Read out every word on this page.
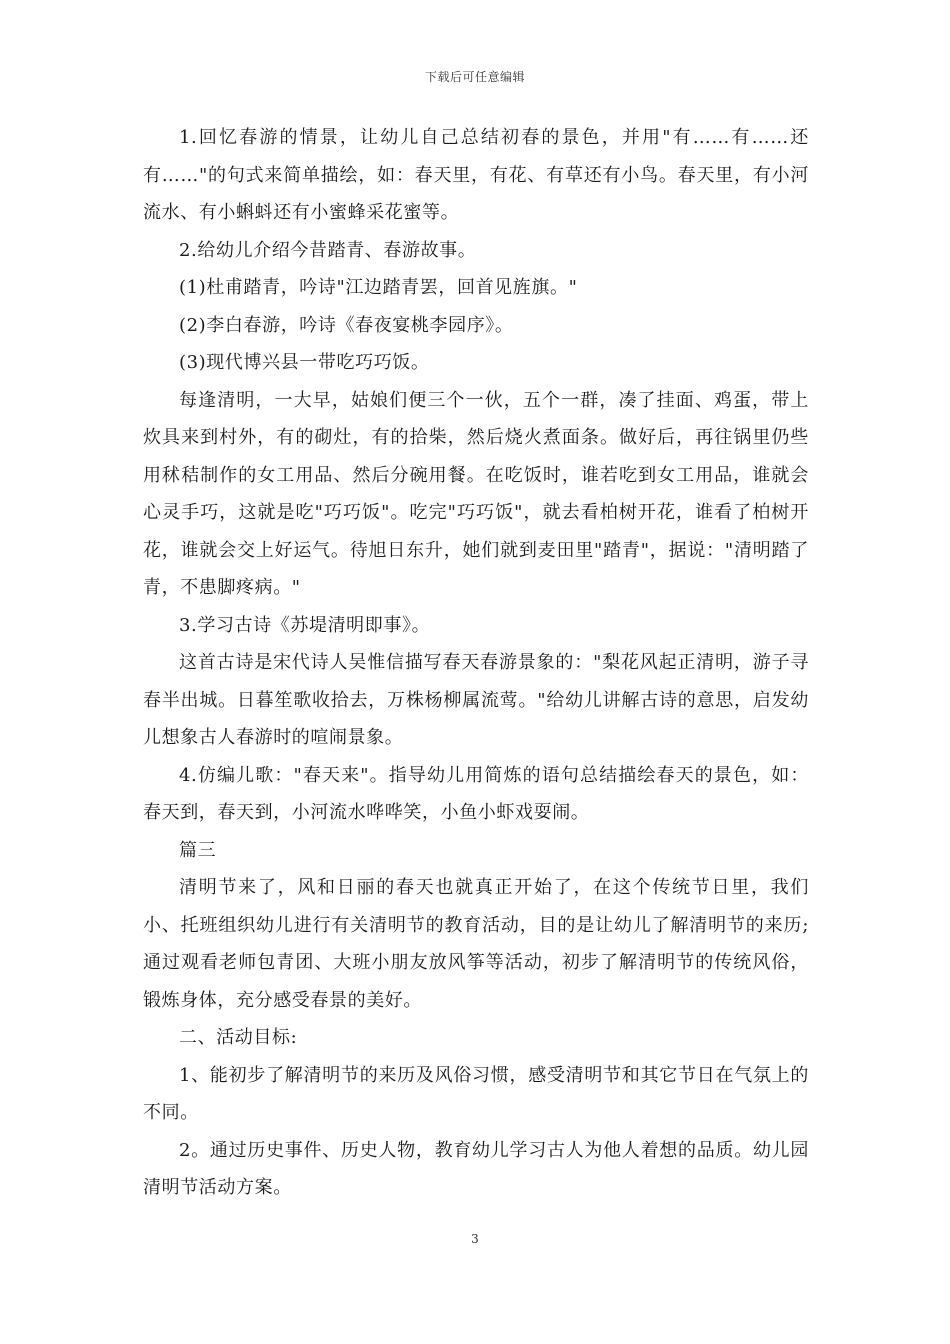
下载后可任意编辑

1.回忆春游的情景，让幼儿自己总结初春的景色，并用"有……有……还有……"的句式来简单描绘，如：春天里，有花、有草还有小鸟。春天里，有小河流水、有小蝌蚪还有小蜜蜂采花蜜等。

2.给幼儿介绍今昔踏青、春游故事。

(1)杜甫踏青，吟诗"江边踏青罢，回首见旌旗。"

(2)李白春游，吟诗《春夜宴桃李园序》。

(3)现代博兴县一带吃巧巧饭。

每逢清明，一大早，姑娘们便三个一伙，五个一群，凑了挂面、鸡蛋，带上炊具来到村外，有的砌灶，有的拾柴，然后烧火煮面条。做好后，再往锅里仍些用秫秸制作的女工用品、然后分碗用餐。在吃饭时，谁若吃到女工用品，谁就会心灵手巧，这就是吃"巧巧饭"。吃完"巧巧饭"，就去看柏树开花，谁看了柏树开花，谁就会交上好运气。待旭日东升，她们就到麦田里"踏青"，据说："清明踏了青，不患脚疼病。"

3.学习古诗《苏堤清明即事》。

这首古诗是宋代诗人吴惟信描写春天春游景象的："梨花风起正清明，游子寻春半出城。日暮笙歌收拾去，万株杨柳属流莺。"给幼儿讲解古诗的意思，启发幼儿想象古人春游时的喧闹景象。

4.仿编儿歌："春天来"。指导幼儿用简炼的语句总结描绘春天的景色，如：春天到，春天到，小河流水哗哗笑，小鱼小虾戏耍闹。

篇三

清明节来了，风和日丽的春天也就真正开始了，在这个传统节日里，我们小、托班组织幼儿进行有关清明节的教育活动，目的是让幼儿了解清明节的来历;通过观看老师包青团、大班小朋友放风筝等活动，初步了解清明节的传统风俗，锻炼身体，充分感受春景的美好。

二、活动目标:

1、能初步了解清明节的来历及风俗习惯，感受清明节和其它节日在气氛上的不同。

2。通过历史事件、历史人物，教育幼儿学习古人为他人着想的品质。幼儿园清明节活动方案。

3
